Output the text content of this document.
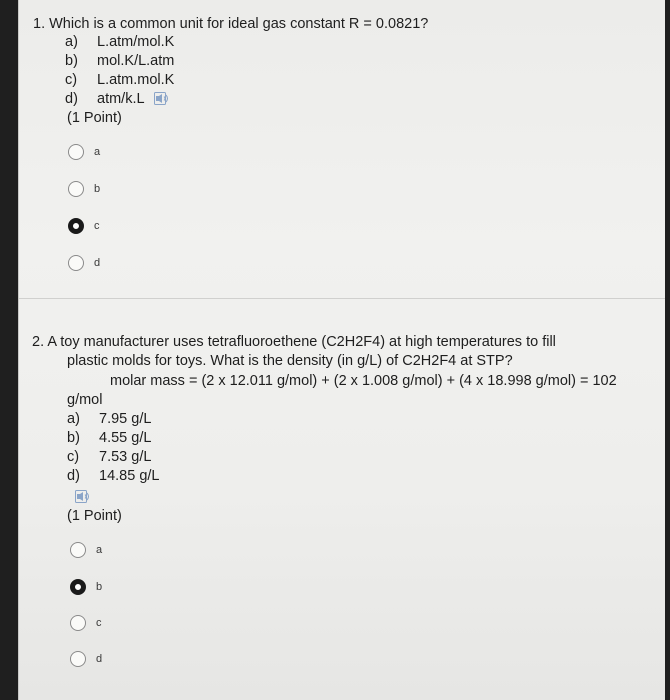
1. Which is a common unit for ideal gas constant R = 0.0821?
a) L.atm/mol.K
b) mol.K/L.atm
c) L.atm.mol.K
d) atm/k.L
(1 Point)
a
b
c
d
2. A toy manufacturer uses tetrafluoroethene (C2H2F4) at high temperatures to fill
plastic molds for toys. What is the density (in g/L) of C2H2F4 at STP?
molar mass = (2 x 12.011 g/mol) + (2 x 1.008 g/mol) + (4 x 18.998 g/mol) = 102
g/mol
a) 7.95 g/L
b) 4.55 g/L
c) 7.53 g/L
d) 14.85 g/L
(1 Point)
a
b
c
d
